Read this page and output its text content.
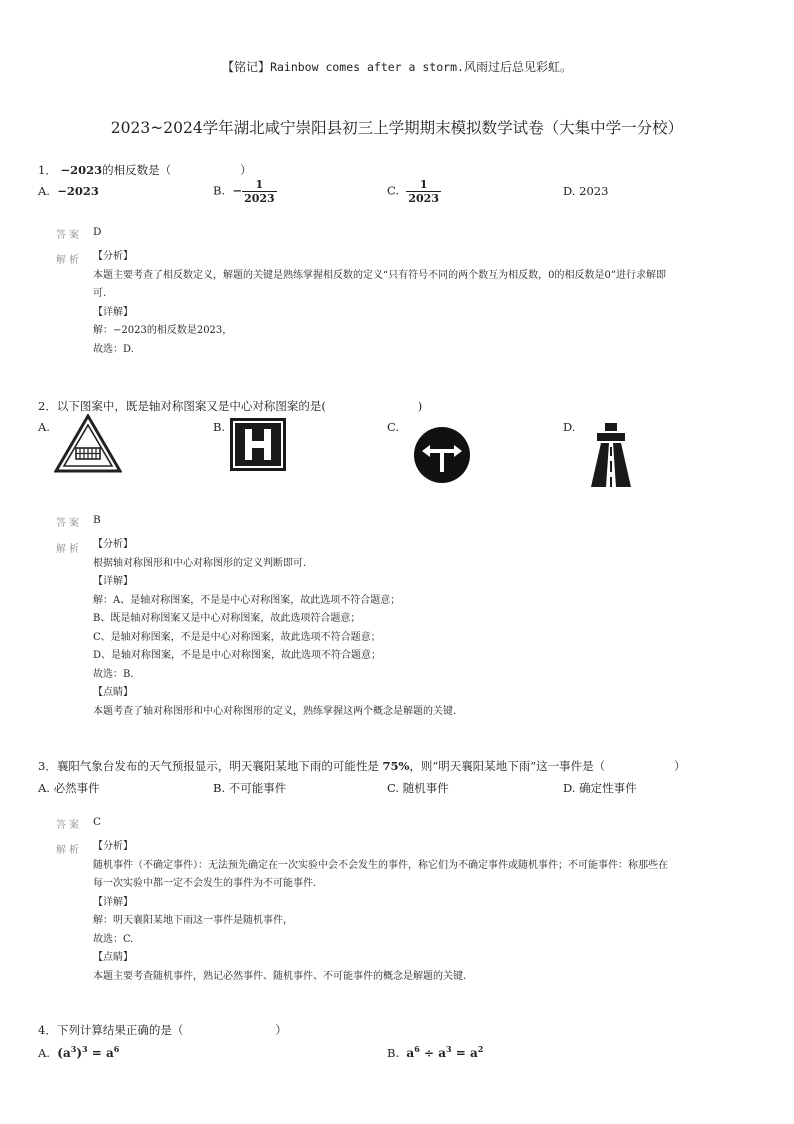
【铭记】Rainbow comes after a storm.风雨过后总见彩虹。
2023~2024学年湖北咸宁崇阳县初三上学期期末模拟数学试卷（大集中学一分校）
1． −2023的相反数是（　　　　　　）
A. −2023	B. − $\frac{1}{2023}$	C. $\frac{1}{2023}$	D. 2023
答案 D
解析 【分析】
本题主要考查了相反数定义，解题的关键是熟练掌握相反数的定义“只有符号不同的两个数互为相反数，0的相反数是0”进行求解即
可.
【详解】
解：−2023的相反数是2023，
故选：D.
2．以下图案中，既是轴对称图案又是中心对称图案的是(　　　　　　　　)
A.	B.	C.	D.
答案 B
解析 【分析】
根据轴对称图形和中心对称图形的定义判断即可.
【详解】
解：A、是轴对称图案，不是是中心对称图案，故此选项不符合题意；
B、既是轴对称图案又是中心对称图案，故此选项符合题意；
C、是轴对称图案，不是是中心对称图案，故此选项不符合题意；
D、是轴对称图案，不是是中心对称图案，故此选项不符合题意；
故选：B.
【点睛】
本题考查了轴对称图形和中心对称图形的定义，熟练掌握这两个概念是解题的关键.
3．襄阳气象台发布的天气预报显示，明天襄阳某地下雨的可能性是 75%，则“明天襄阳某地下雨”这一事件是（　　　　　　）
A. 必然事件	B. 不可能事件	C. 随机事件	D. 确定性事件
答案 C
解析 【分析】
随机事件（不确定事件）：无法预先确定在一次实验中会不会发生的事件，称它们为不确定事件或随机事件；不可能事件：称那些在
每一次实验中都一定不会发生的事件为不可能事件.
【详解】
解：明天襄阳某地下雨这一事件是随机事件，
故选：C.
【点睛】
本题主要考查随机事件，熟记必然事件、随机事件、不可能事件的概念是解题的关键.
4．下列计算结果正确的是（　　　　　　　　）
A. $(a^3)^3 = a^6$	B. $a^6 \div a^3 = a^2$
